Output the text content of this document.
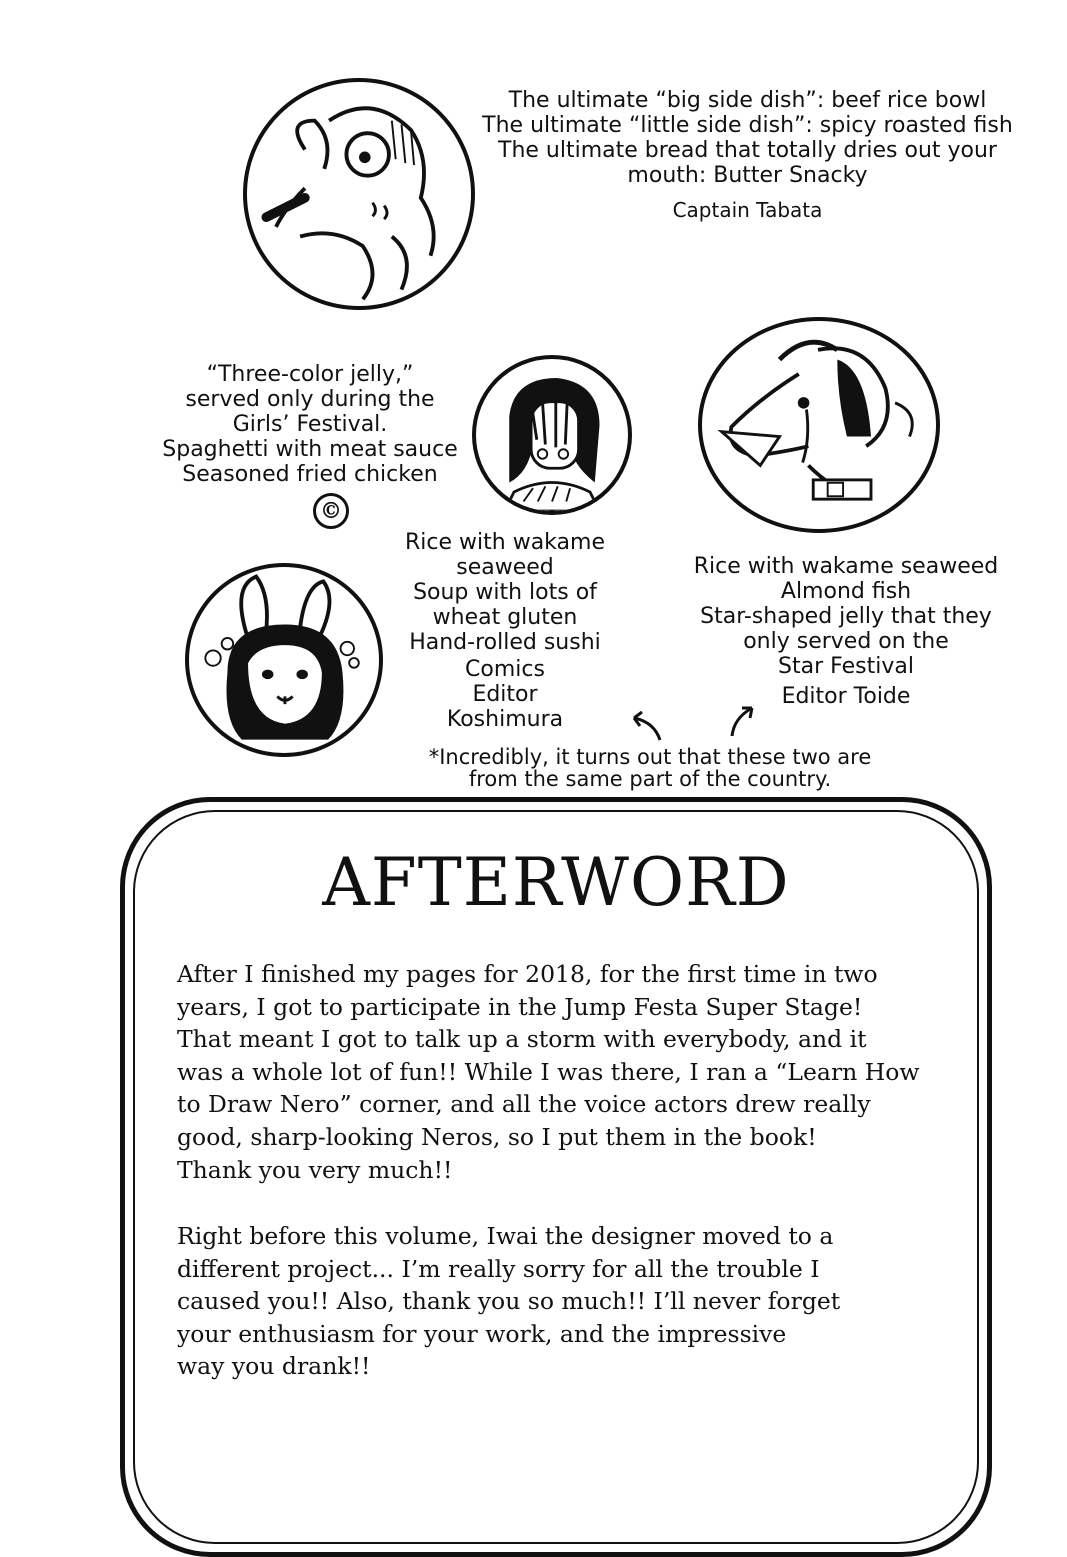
The ultimate “big side dish”: beef rice bowl
The ultimate “little side dish”: spicy roasted fish
The ultimate bread that totally dries out your
mouth: Butter Snacky
Captain Tabata
“Three-color jelly,”
served only during the
Girls’ Festival.
Spaghetti with meat sauce
Seasoned fried chicken
©
Rice with wakame
seaweed
Soup with lots of
wheat gluten
Hand-rolled sushi
Comics
Editor
Koshimura
Rice with wakame seaweed
Almond fish
Star-shaped jelly that they
only served on the
Star Festival
Editor Toide
*Incredibly, it turns out that these two are
from the same part of the country.
AFTERWORD
After I finished my pages for 2018, for the first time in two
years, I got to participate in the Jump Festa Super Stage!
That meant I got to talk up a storm with everybody, and it
was a whole lot of fun!! While I was there, I ran a “Learn How
to Draw Nero” corner, and all the voice actors drew really
good, sharp-looking Neros, so I put them in the book!
Thank you very much!!
Right before this volume, Iwai the designer moved to a
different project... I’m really sorry for all the trouble I
caused you!! Also, thank you so much!! I’ll never forget
your enthusiasm for your work, and the impressive
way you drank!!
